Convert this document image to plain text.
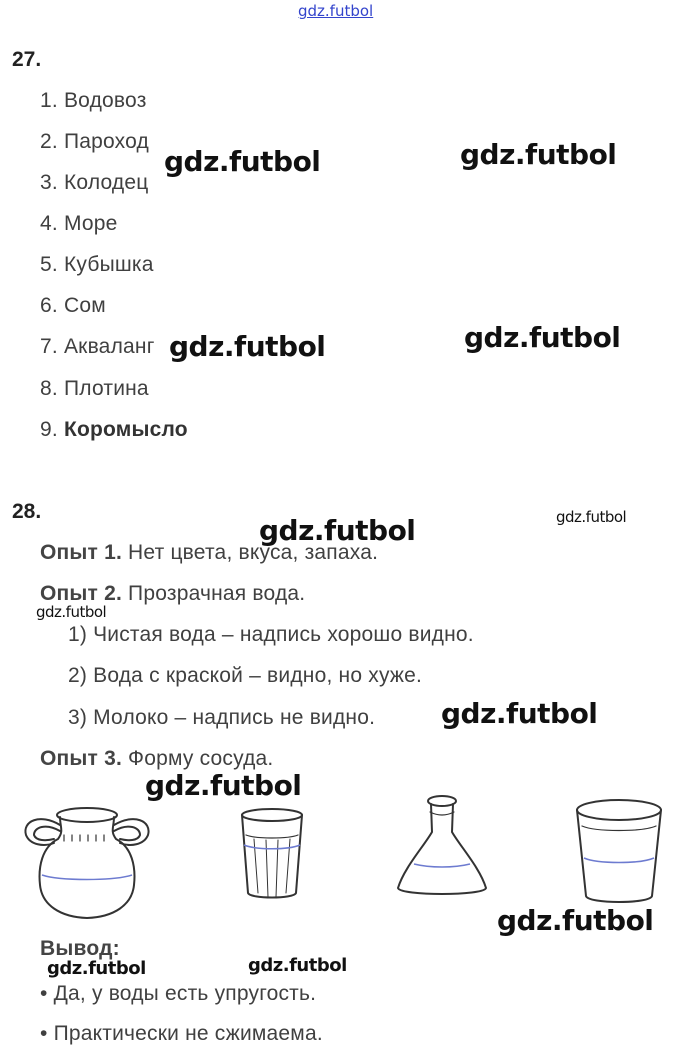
gdz.futbol
27.
1. Водовоз
2. Пароход
3. Колодец
4. Море
5. Кубышка
6. Сом
7. Акваланг
8. Плотина
9. Коромысло
gdz.futbol	gdz.futbol
gdz.futbol	gdz.futbol
28.
gdz.futbol	gdz.futbol
Опыт 1. Нет цвета, вкуса, запаха.
Опыт 2. Прозрачная вода.
gdz.futbol
1) Чистая вода – надпись хорошо видно.
2) Вода с краской – видно, но хуже.
3) Молоко – надпись не видно. gdz.futbol
Опыт 3. Форму сосуда.
gdz.futbol
gdz.futbol
Вывод:
gdz.futbol	gdz.futbol
• Да, у воды есть упругость.
• Практически не сжимаема.
